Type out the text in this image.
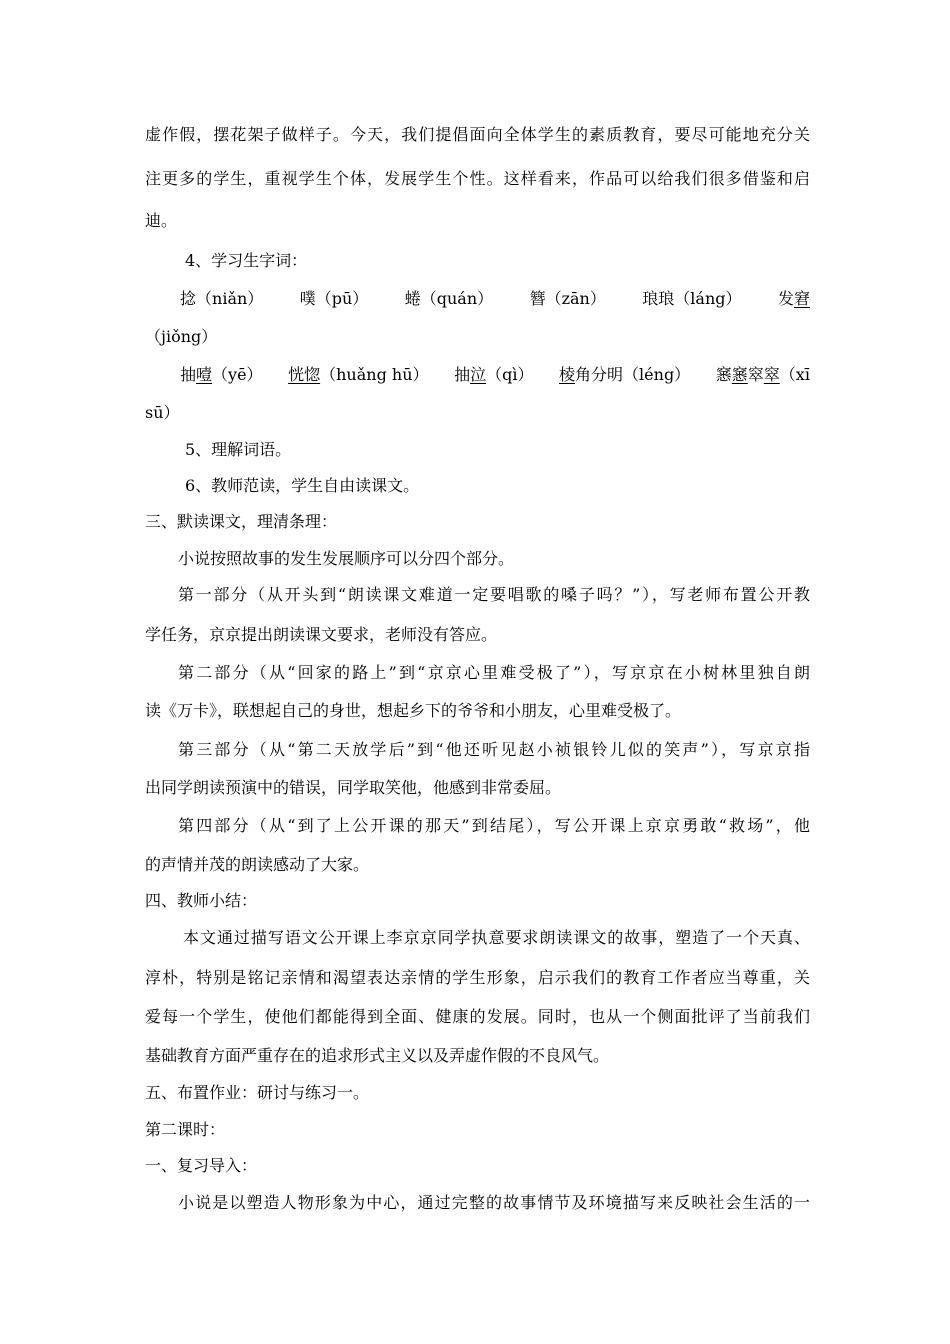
虚作假，摆花架子做样子。今天，我们提倡面向全体学生的素质教育，要尽可能地充分关
注更多的学生，重视学生个体，发展学生个性。这样看来，作品可以给我们很多借鉴和启
迪。
4、学习生字词：
捻（niǎn） 噗（pū） 蜷（quán） 簪（zān） 琅琅（láng） 发窘
（jiǒng）
抽噎（yē） 恍惚（huǎng hū） 抽泣（qì） 棱角分明（léng） 窸窸窣窣（xī
sū）
5、理解词语。
6、教师范读，学生自由读课文。
三、默读课文，理清条理：
小说按照故事的发生发展顺序可以分四个部分。
第一部分（从开头到“朗读课文难道一定要唱歌的嗓子吗？”），写老师布置公开教
学任务，京京提出朗读课文要求，老师没有答应。
第二部分（从“回家的路上”到“京京心里难受极了”），写京京在小树林里独自朗
读《万卡》，联想起自己的身世，想起乡下的爷爷和小朋友，心里难受极了。
第三部分（从“第二天放学后”到“他还听见赵小祯银铃儿似的笑声”），写京京指
出同学朗读预演中的错误，同学取笑他，他感到非常委屈。
第四部分（从“到了上公开课的那天”到结尾），写公开课上京京勇敢“救场”，他
的声情并茂的朗读感动了大家。
四、教师小结：
本文通过描写语文公开课上李京京同学执意要求朗读课文的故事，塑造了一个天真、
淳朴，特别是铭记亲情和渴望表达亲情的学生形象，启示我们的教育工作者应当尊重，关
爱每一个学生，使他们都能得到全面、健康的发展。同时，也从一个侧面批评了当前我们
基础教育方面严重存在的追求形式主义以及弄虚作假的不良风气。
五、布置作业：研讨与练习一。
第二课时：
一、复习导入：
小说是以塑造人物形象为中心，通过完整的故事情节及环境描写来反映社会生活的一
